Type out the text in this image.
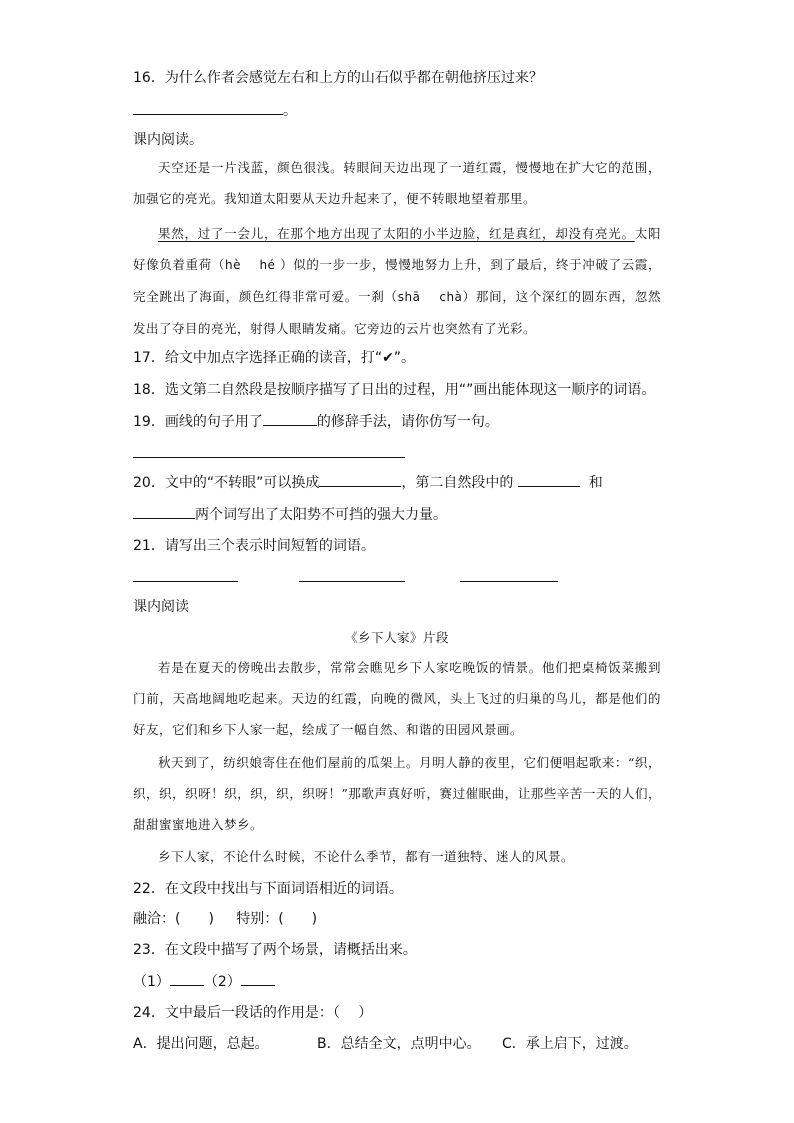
16．为什么作者会感觉左右和上方的山石似乎都在朝他挤压过来？
。
课内阅读。
天空还是一片浅蓝，颜色很浅。转眼间天边出现了一道红霞，慢慢地在扩大它的范围，加强它的亮光。我知道太阳要从天边升起来了，便不转眼地望着那里。
果然，过了一会儿，在那个地方出现了太阳的小半边脸，红是真红，却没有亮光。太阳好像负着重荷（hè hé ）似的一步一步，慢慢地努力上升，到了最后，终于冲破了云霞，完全跳出了海面，颜色红得非常可爱。一刹（shā chà）那间，这个深红的圆东西，忽然发出了夺目的亮光，射得人眼睛发痛。它旁边的云片也突然有了光彩。
17．给文中加点字选择正确的读音，打“✔”。
18．选文第二自然段是按顺序描写了日出的过程，用“”画出能体现这一顺序的词语。
19．画线的句子用了	的修辞手法，请你仿写一句。
20．文中的“不转眼”可以换成	，第二自然段中的	和
两个词写出了太阳势不可挡的强大力量。
21．请写出三个表示时间短暂的词语。
课内阅读
《乡下人家》片段
若是在夏天的傍晚出去散步，常常会瞧见乡下人家吃晚饭的情景。他们把桌椅饭菜搬到门前，天高地阔地吃起来。天边的红霞，向晚的微风，头上飞过的归巢的鸟儿，都是他们的好友，它们和乡下人家一起，绘成了一幅自然、和谐的田园风景画。
秋天到了，纺织娘寄住在他们屋前的瓜架上。月明人静的夜里，它们便唱起歌来：“织，织，织，织呀！织，织，织，织呀！”那歌声真好听，赛过催眠曲，让那些辛苦一天的人们，甜甜蜜蜜地进入梦乡。
乡下人家，不论什么时候，不论什么季节，都有一道独特、迷人的风景。
22．在文段中找出与下面词语相近的词语。
融洽：(　　) 特别：(　　)
23．在文段中描写了两个场景，请概括出来。
（1） （2）
24．文中最后一段话的作用是：（　 ）
A．提出问题，总起。	B．总结全文，点明中心。 C．承上启下，过渡。
